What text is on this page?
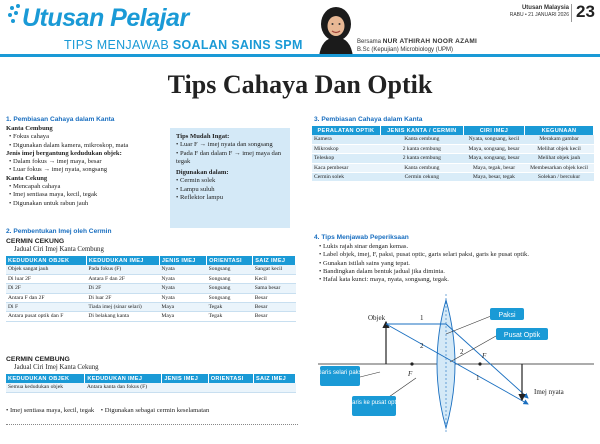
Utusan Pelajar	Utusan Malaysia
RABU • 21 JANUARI 2026 23
TIPS MENJAWAB SOALAN SAINS SPM	Bersama NUR ATHIRAH NOOR AZAMI
B.Sc (Kepujian) Microbiology (UPM)
Tips Cahaya Dan Optik
1. Pembiasan Cahaya dalam Kanta
Kanta Cembung
• Fokus cahaya
• Digunakan dalam kamera, mikroskop, mata
Jenis imej bergantung kedudukan objek:
• Dalam fokus → imej maya, besar
• Luar fokus → imej nyata, songsang
Kanta Cekung
• Mencapah cahaya
• Imej sentiasa maya, kecil, tegak
• Digunakan untuk rabun jauh
Tips Mudah Ingat:
• Luar F → imej nyata dan songsang
• Pada F dan dalam F → imej maya dan tegak
Digunakan dalam:
• Cermin solek
• Lampu suluh
• Reflektor lampu
2. Pembentukan Imej oleh Cermin
CERMIN CEKUNG
Jadual Ciri Imej Kanta Cembung
KEDUDUKAN OBJEK	KEDUDUKAN IMEJ	JENIS IMEJ	ORIENTASI	SAIZ IMEJ
Objek sangat jauh	Pada fokus (F)	Nyata	Songsang	Sangat kecil
Di luar 2F	Antara F dan 2F	Nyata	Songsang	Kecil
Di 2F	Di 2F	Nyata	Songsang	Sama besar
Antara F dan 2F	Di luar 2F	Nyata	Songsang	Besar
Di F	Tiada imej (sinar selari)	Maya	Tegak	Besar
Antara pusat optik dan F	Di belakang kanta	Maya	Tegak	Besar
CERMIN CEMBUNG
Jadual Ciri Imej Kanta Cekung
KEDUDUKAN OBJEK	KEDUDUKAN IMEJ	JENIS IMEJ	ORIENTASI	SAIZ IMEJ
Semua kedudukan objek	Antara kanta dan fokus (F)			
• Imej sentiasa maya, kecil, tegak • Digunakan sebagai cermin keselamatan
3. Pembiasan Cahaya dalam Kanta
PERALATAN OPTIK	JENIS KANTA / CERMIN	CIRI IMEJ	KEGUNAAN
Kamera	Kanta cembung	Nyata, songsang, kecil	Merakam gambar
Mikroskop	2 kanta cembung	Maya, songsang, besar	Melihat objek kecil
Teleskop	2 kanta cembung	Maya, songsang, besar	Melihat objek jauh
Kaca pembesar	Kanta cembung	Maya, tegak, besar	Membesarkan objek kecil
Cermin solek	Cermin cekung	Maya, besar, tegak	Solekan / bercukur
4. Tips Menjawab Peperiksaan
• Lukis rajah sinar dengan kemas.
• Label objek, imej, F, paksi, pusat optic, garis selari paksi, garis ke pusat optik.
• Gunakan istilah sains yang tepat.
• Bandingkan dalam bentuk jadual jika diminta.
• Hafal kata kunci: maya, nyata, songsang, tegak.
Paksi
Pusat Optik
Garis selari paksi
Garis ke pusat optik
Objek
Imej nyata
F
F
1
2
2
1
